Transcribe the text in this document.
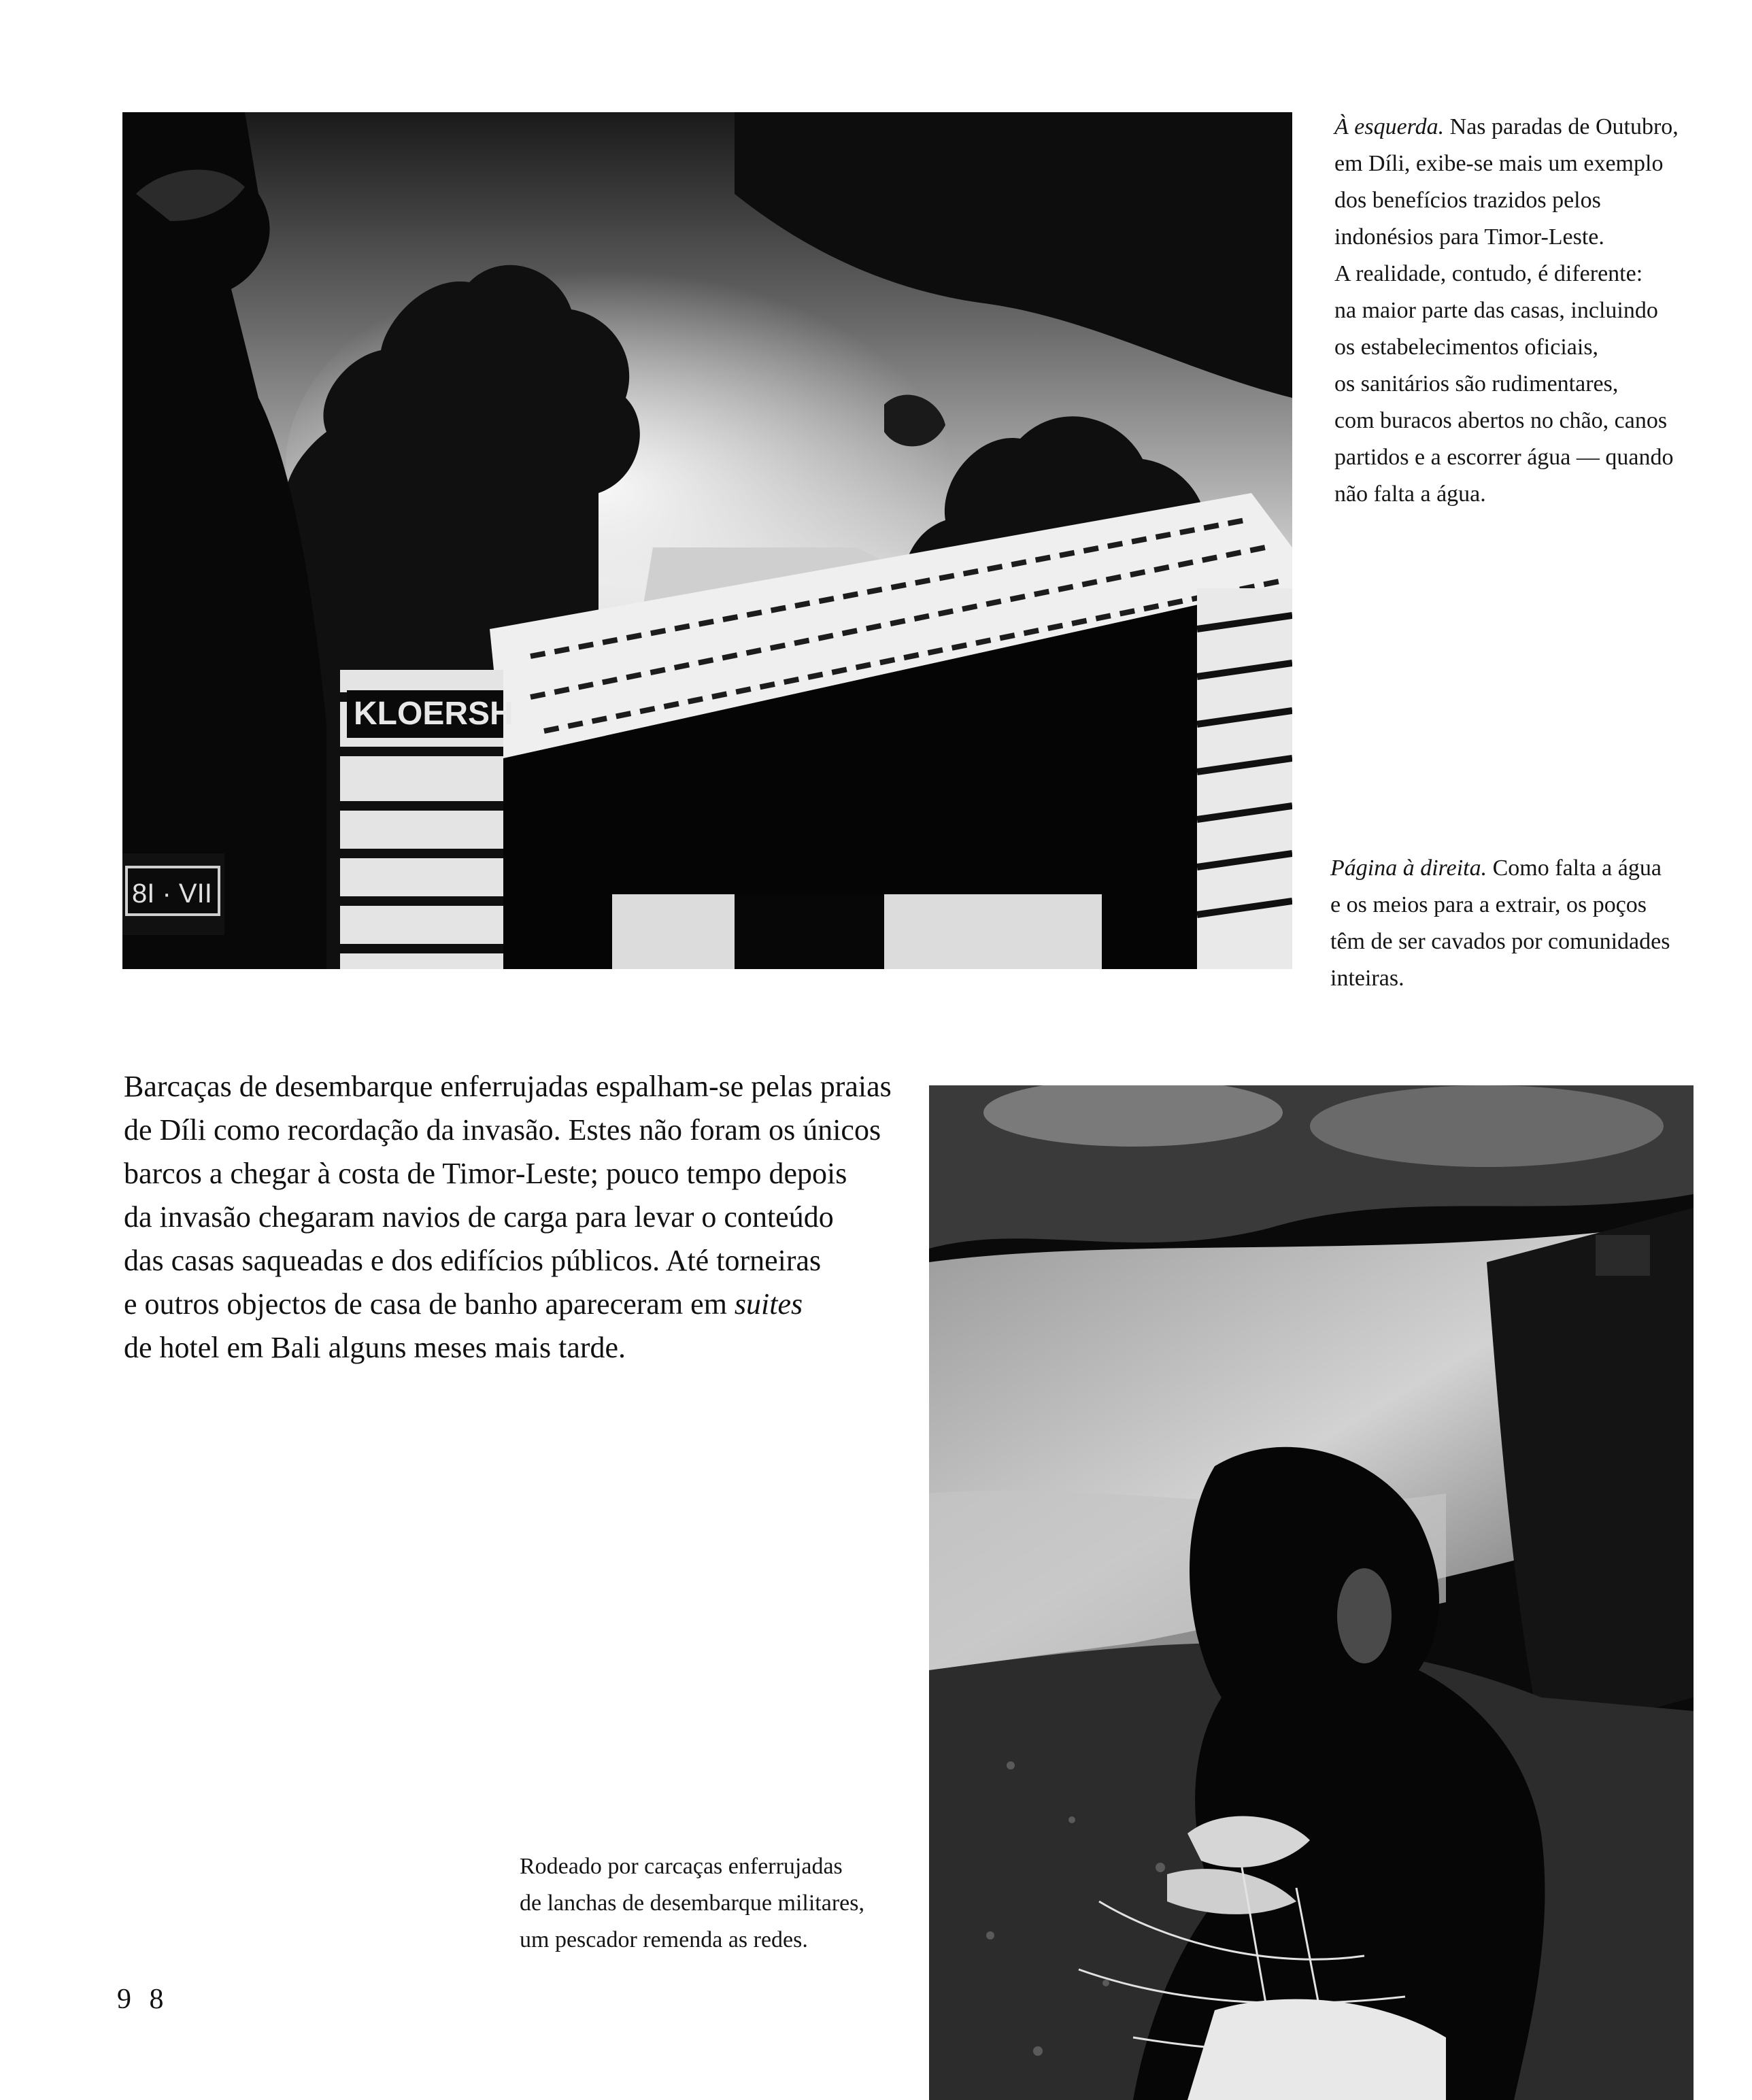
KLOERSH
8I · VII

À esquerda. Nas paradas de Outubro,

em Díli, exibe-se mais um exemplo
dos benefícios trazidos pelos
indonésios para Timor-Leste.
A realidade, contudo, é diferente:
na maior parte das casas, incluindo
os estabelecimentos oficiais,
os sanitários são rudimentares,
com buracos abertos no chão, canos
partidos e a escorrer água — quando
não falta a água.

Página à direita. Como falta a água

e os meios para a extrair, os poços
têm de ser cavados por comunidades
inteiras.
Barcaças de desembarque enferrujadas espalham-se pelas praias
de Díli como recordação da invasão. Estes não foram os únicos
barcos a chegar à costa de Timor-Leste; pouco tempo depois
da invasão chegaram navios de carga para levar o conteúdo
das casas saqueadas e dos edifícios públicos. Até torneiras
e outros objectos de casa de banho apareceram em suites
de hotel em Bali alguns meses mais tarde.
Rodeado por carcaças enferrujadas
de lanchas de desembarque militares,
um pescador remenda as redes.
9 8
